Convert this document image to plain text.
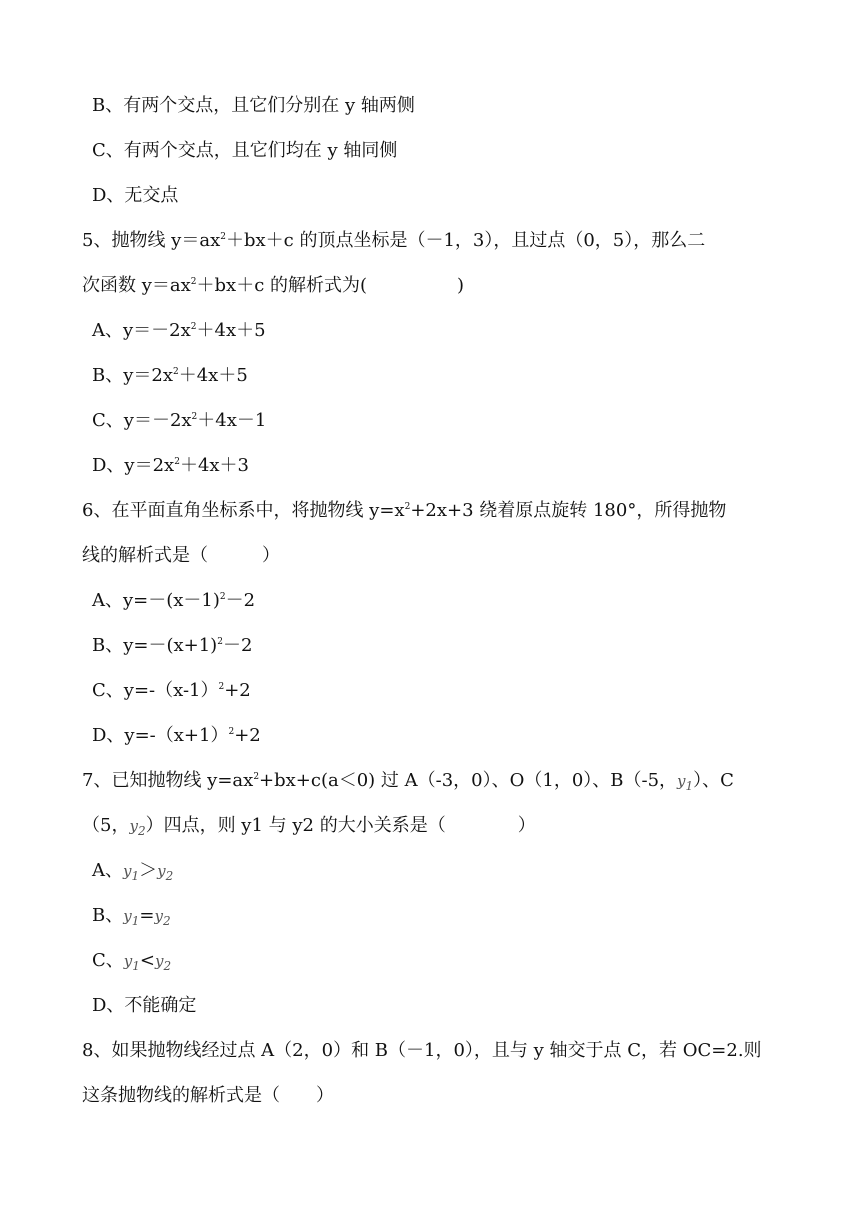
B、有两个交点，且它们分别在 y 轴两侧
C、有两个交点，且它们均在 y 轴同侧
D、无交点
5、抛物线 $y=ax^2+bx+c$ 的顶点坐标是（－1，3），且过点（0，5），那么二
次函数 $y=ax^2+bx+c$ 的解析式为(　　　　　)
A、$y=-2x^2+4x+5$
B、$y=2x^2+4x+5$
C、$y=-2x^2+4x-1$
D、$y=2x^2+4x+3$
6、在平面直角坐标系中，将抛物线 $y=x^2+2x+3$ 绕着原点旋转 180°，所得抛物
线的解析式是（　　　）
A、$y=-(x-1)^2-2$
B、$y=-(x+1)^2-2$
C、$y=-(x-1)^2+2$
D、$y=-(x+1)^2+2$
7、已知抛物线 $y=ax^2+bx+c(a<0)$ 过 A（-3，0）、O（1，0）、B（-5，$y_1$）、C
（5，$y_2$）四点，则 y1 与 y2 的大小关系是（　　　　）
A、$y_1>y_2$
B、$y_1=y_2$
C、$y_1<y_2$
D、不能确定
8、如果抛物线经过点 A（2，0）和 B（－1，0），且与 y 轴交于点 C，若 OC=2.则
这条抛物线的解析式是（　　）
